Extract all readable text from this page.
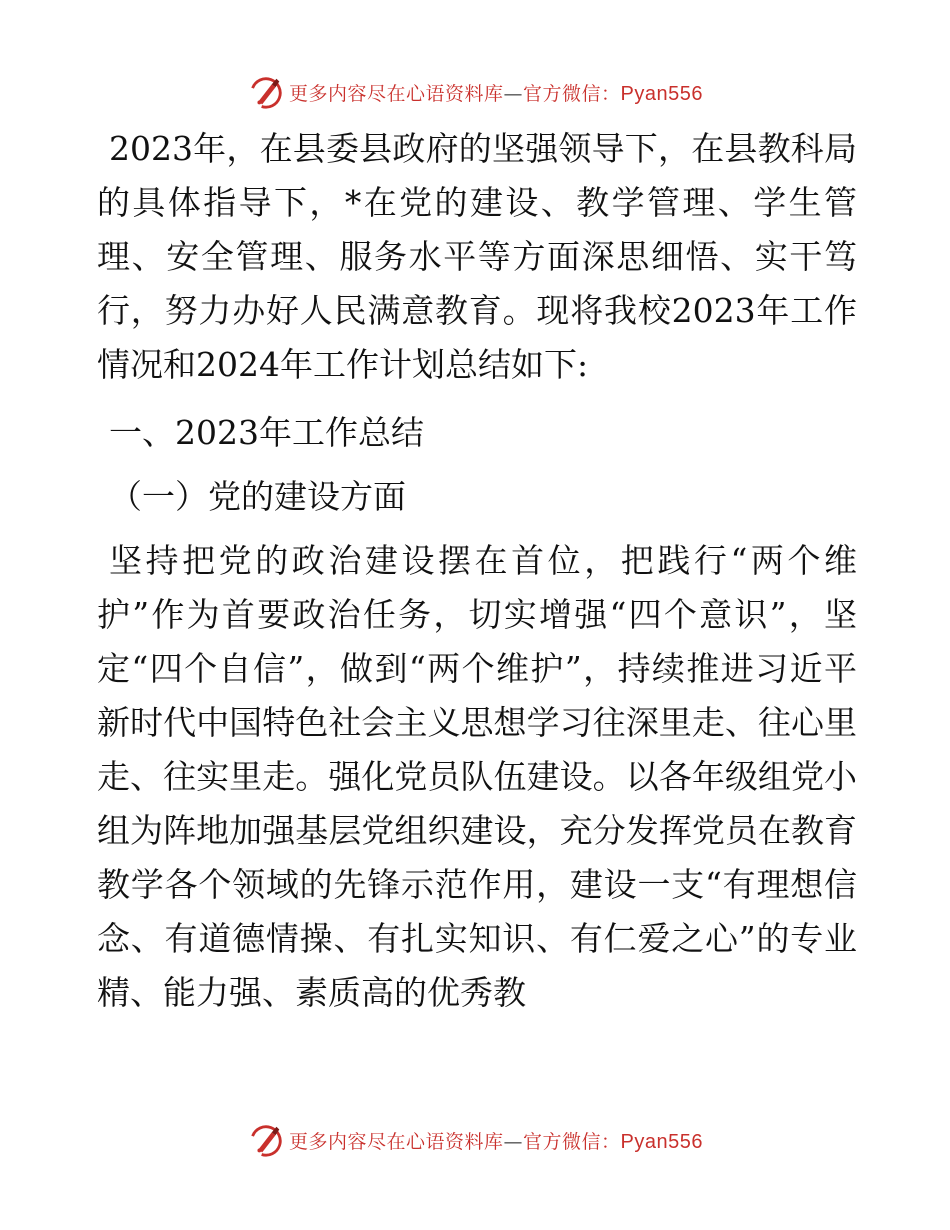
更多内容尽在心语资料库—官方微信：Pyan556

2023年，在县委县政府的坚强领导下，在县教科局的具体指导下，*在党的建设、教学管理、学生管理、安全管理、服务水平等方面深思细悟、实干笃行，努力办好人民满意教育。现将我校2023年工作情况和2024年工作计划总结如下:

一、2023年工作总结

（一）党的建设方面

坚持把党的政治建设摆在首位，把践行“两个维护”作为首要政治任务，切实增强“四个意识”，坚定“四个自信”，做到“两个维护”，持续推进习近平新时代中国特色社会主义思想学习往深里走、往心里走、往实里走。强化党员队伍建设。以各年级组党小组为阵地加强基层党组织建设，充分发挥党员在教育教学各个领域的先锋示范作用，建设一支“有理想信念、有道德情操、有扎实知识、有仁爱之心”的专业精、能力强、素质高的优秀教

更多内容尽在心语资料库—官方微信：Pyan556
